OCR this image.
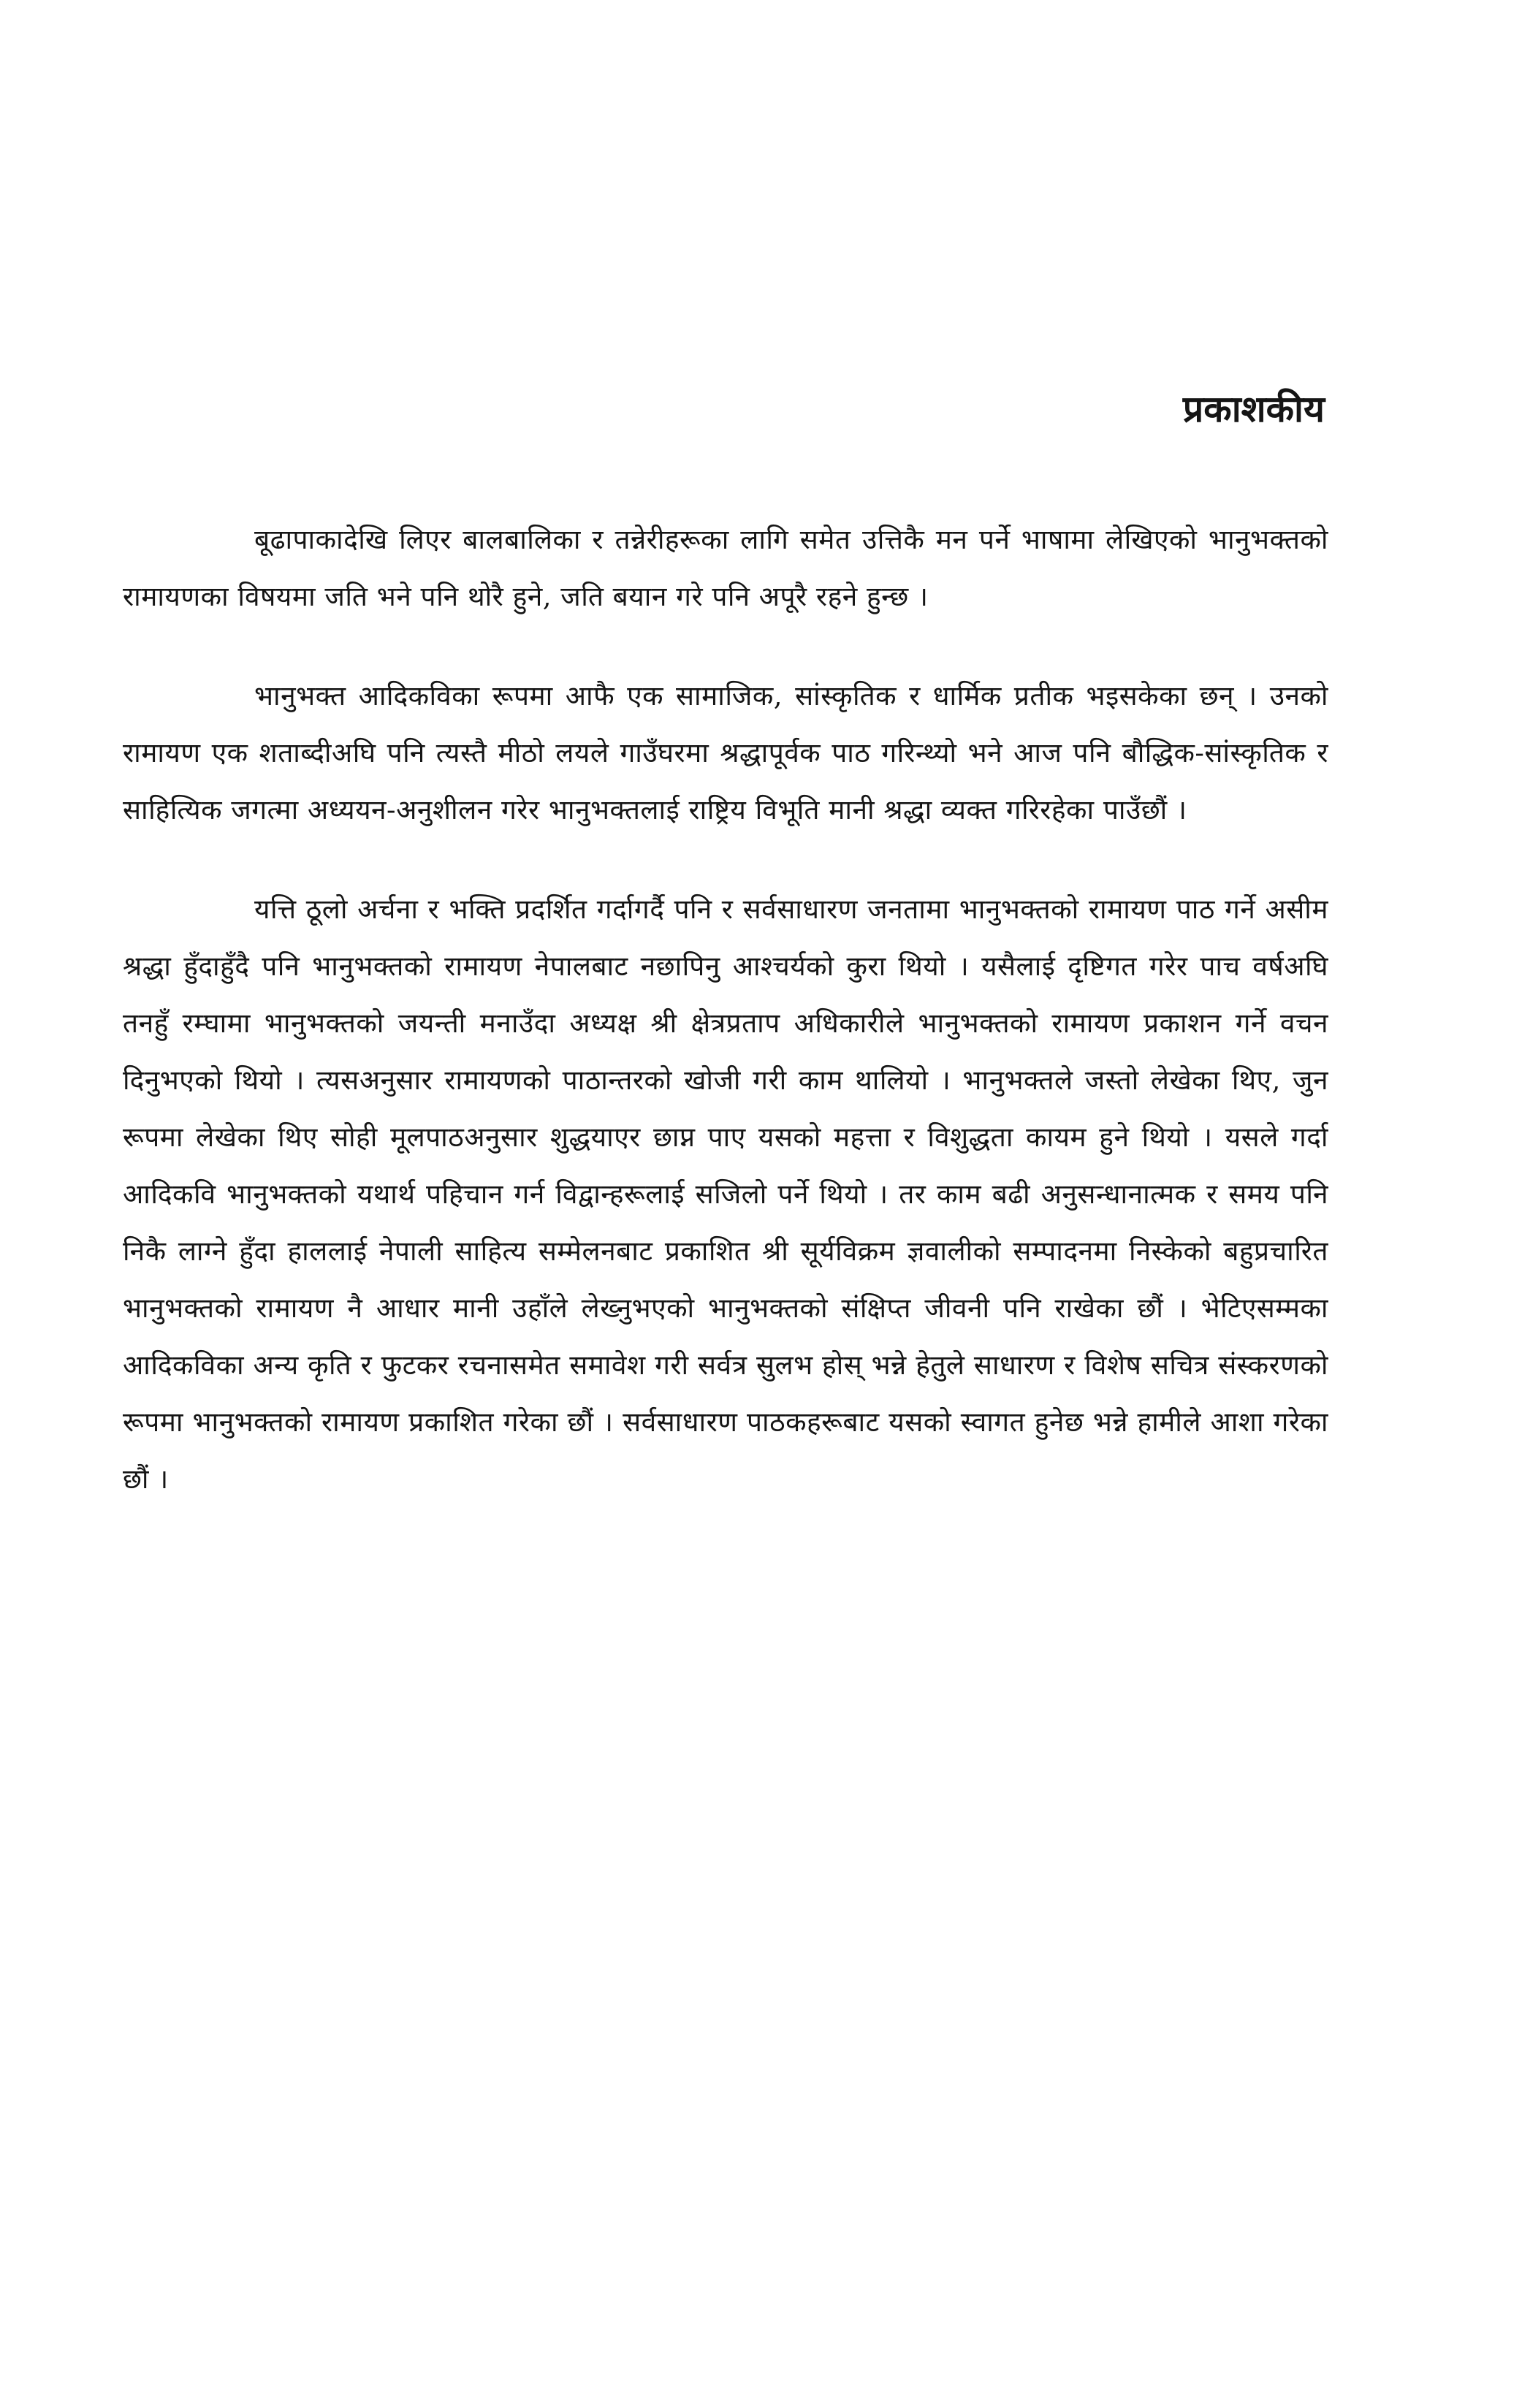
प्रकाशकीय

बूढापाकादेखि लिएर बालबालिका र तन्नेरीहरूका लागि समेत उत्तिकै मन पर्ने भाषामा लेखिएको भानुभक्तको रामायणका विषयमा जति भने पनि थोरै हुने, जति बयान गरे पनि अपूरै रहने हुन्छ ।

भानुभक्त आदिकविका रूपमा आफै एक सामाजिक, सांस्कृतिक र धार्मिक प्रतीक भइसकेका छन् । उनको रामायण एक शताब्दीअघि पनि त्यस्तै मीठो लयले गाउँघरमा श्रद्धापूर्वक पाठ गरिन्थ्यो भने आज पनि बौद्धिक-सांस्कृतिक र साहित्यिक जगत्मा अध्ययन-अनुशीलन गरेर भानुभक्तलाई राष्ट्रिय विभूति मानी श्रद्धा व्यक्त गरिरहेका पाउँछौं ।

यत्ति ठूलो अर्चना र भक्ति प्रदर्शित गर्दागर्दै पनि र सर्वसाधारण जनतामा भानुभक्तको रामायण पाठ गर्ने असीम श्रद्धा हुँदाहुँदै पनि भानुभक्तको रामायण नेपालबाट नछापिनु आश्चर्यको कुरा थियो । यसैलाई दृष्टिगत गरेर पाच वर्षअघि तनहुँ रम्घामा भानुभक्तको जयन्ती मनाउँदा अध्यक्ष श्री क्षेत्रप्रताप अधिकारीले भानुभक्तको रामायण प्रकाशन गर्ने वचन दिनुभएको थियो । त्यसअनुसार रामायणको पाठान्तरको खोजी गरी काम थालियो । भानुभक्तले जस्तो लेखेका थिए, जुन रूपमा लेखेका थिए सोही मूलपाठअनुसार शुद्धयाएर छाप्न पाए यसको महत्ता र विशुद्धता कायम हुने थियो । यसले गर्दा आदिकवि भानुभक्तको यथार्थ पहिचान गर्न विद्वान्हरूलाई सजिलो पर्ने थियो । तर काम बढी अनुसन्धानात्मक र समय पनि निकै लाग्ने हुँदा हाललाई नेपाली साहित्य सम्मेलनबाट प्रकाशित श्री सूर्यविक्रम ज्ञवालीको सम्पादनमा निस्केको बहुप्रचारित भानुभक्तको रामायण नै आधार मानी उहाँले लेख्नुभएको भानुभक्तको संक्षिप्त जीवनी पनि राखेका छौं । भेटिएसम्मका आदिकविका अन्य कृति र फुटकर रचनासमेत समावेश गरी सर्वत्र सुलभ होस् भन्ने हेतुले साधारण र विशेष सचित्र संस्करणको रूपमा भानुभक्तको रामायण प्रकाशित गरेका छौं । सर्वसाधारण पाठकहरूबाट यसको स्वागत हुनेछ भन्ने हामीले आशा गरेका छौं ।
